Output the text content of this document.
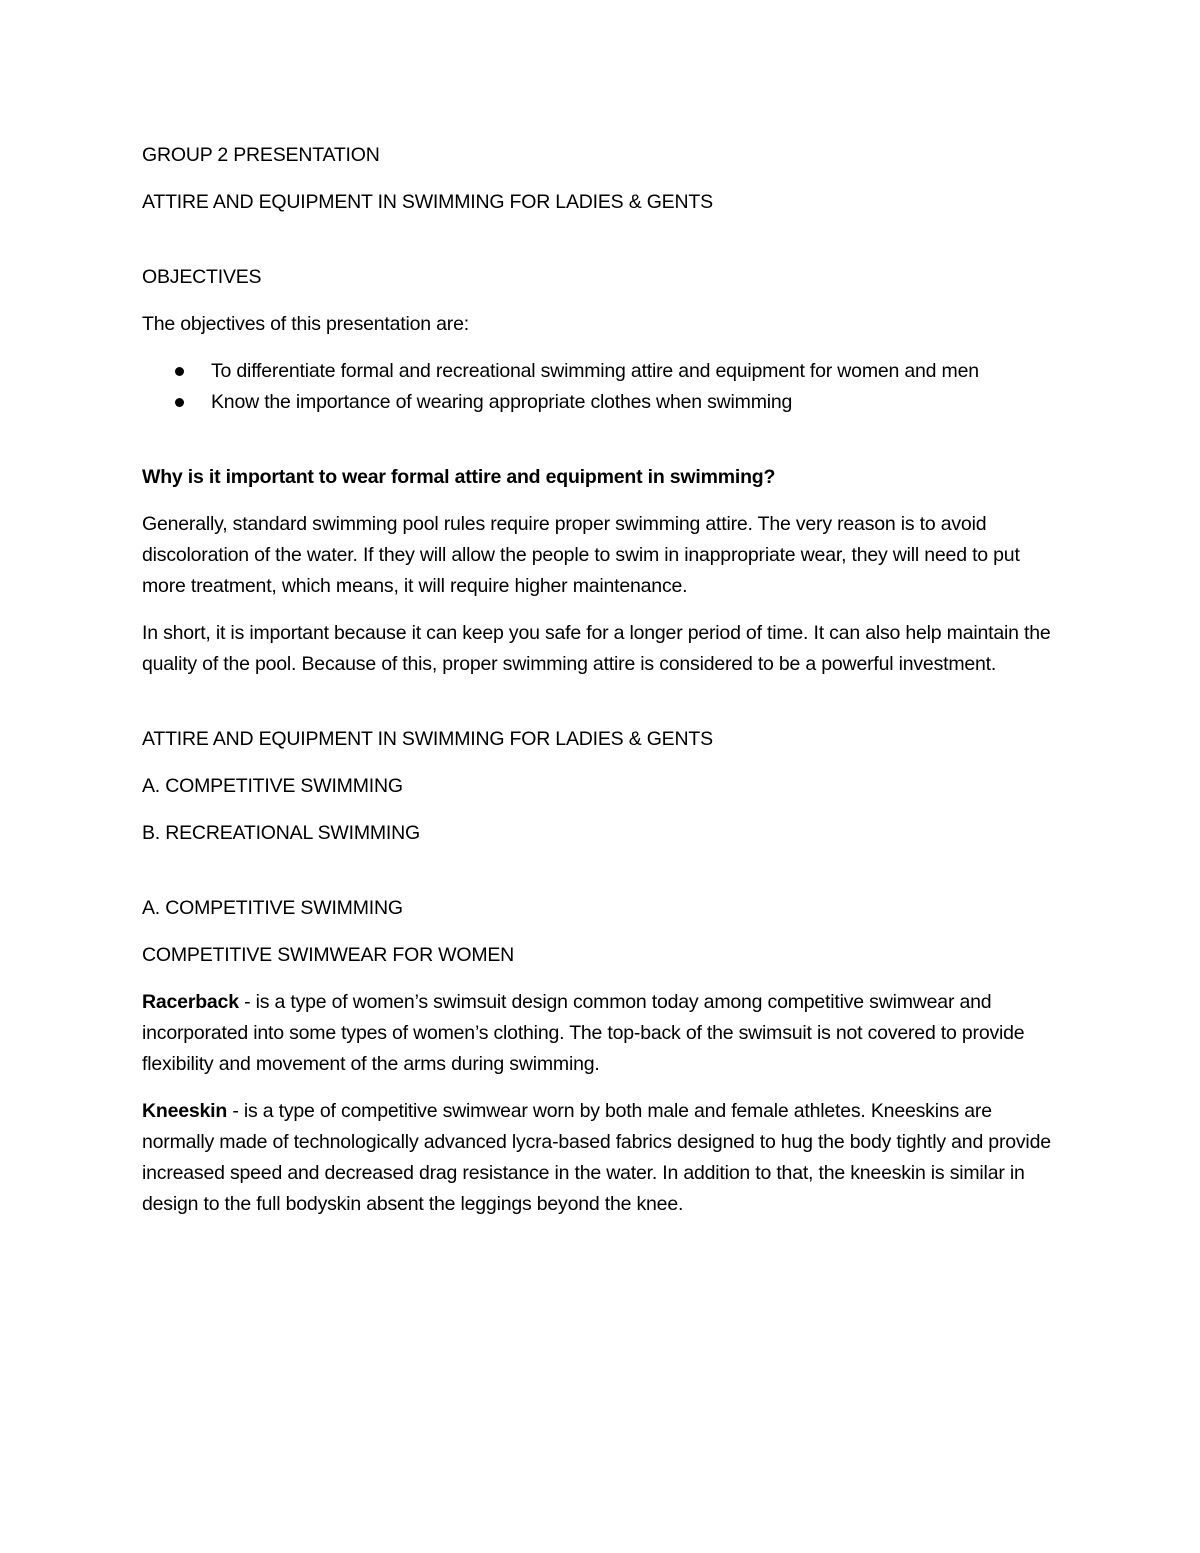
GROUP 2 PRESENTATION

ATTIRE AND EQUIPMENT IN SWIMMING FOR LADIES & GENTS

OBJECTIVES

The objectives of this presentation are:

To differentiate formal and recreational swimming attire and equipment for women and men
Know the importance of wearing appropriate clothes when swimming

Why is it important to wear formal attire and equipment in swimming?

Generally, standard swimming pool rules require proper swimming attire. The very reason is to avoid discoloration of the water. If they will allow the people to swim in inappropriate wear, they will need to put more treatment, which means, it will require higher maintenance.

In short, it is important because it can keep you safe for a longer period of time. It can also help maintain the quality of the pool. Because of this, proper swimming attire is considered to be a powerful investment.

ATTIRE AND EQUIPMENT IN SWIMMING FOR LADIES & GENTS

A. COMPETITIVE SWIMMING

B. RECREATIONAL SWIMMING

A. COMPETITIVE SWIMMING

COMPETITIVE SWIMWEAR FOR WOMEN

Racerback - is a type of women’s swimsuit design common today among competitive swimwear and incorporated into some types of women’s clothing. The top-back of the swimsuit is not covered to provide flexibility and movement of the arms during swimming.

Kneeskin - is a type of competitive swimwear worn by both male and female athletes. Kneeskins are normally made of technologically advanced lycra-based fabrics designed to hug the body tightly and provide increased speed and decreased drag resistance in the water. In addition to that, the kneeskin is similar in design to the full bodyskin absent the leggings beyond the knee.
